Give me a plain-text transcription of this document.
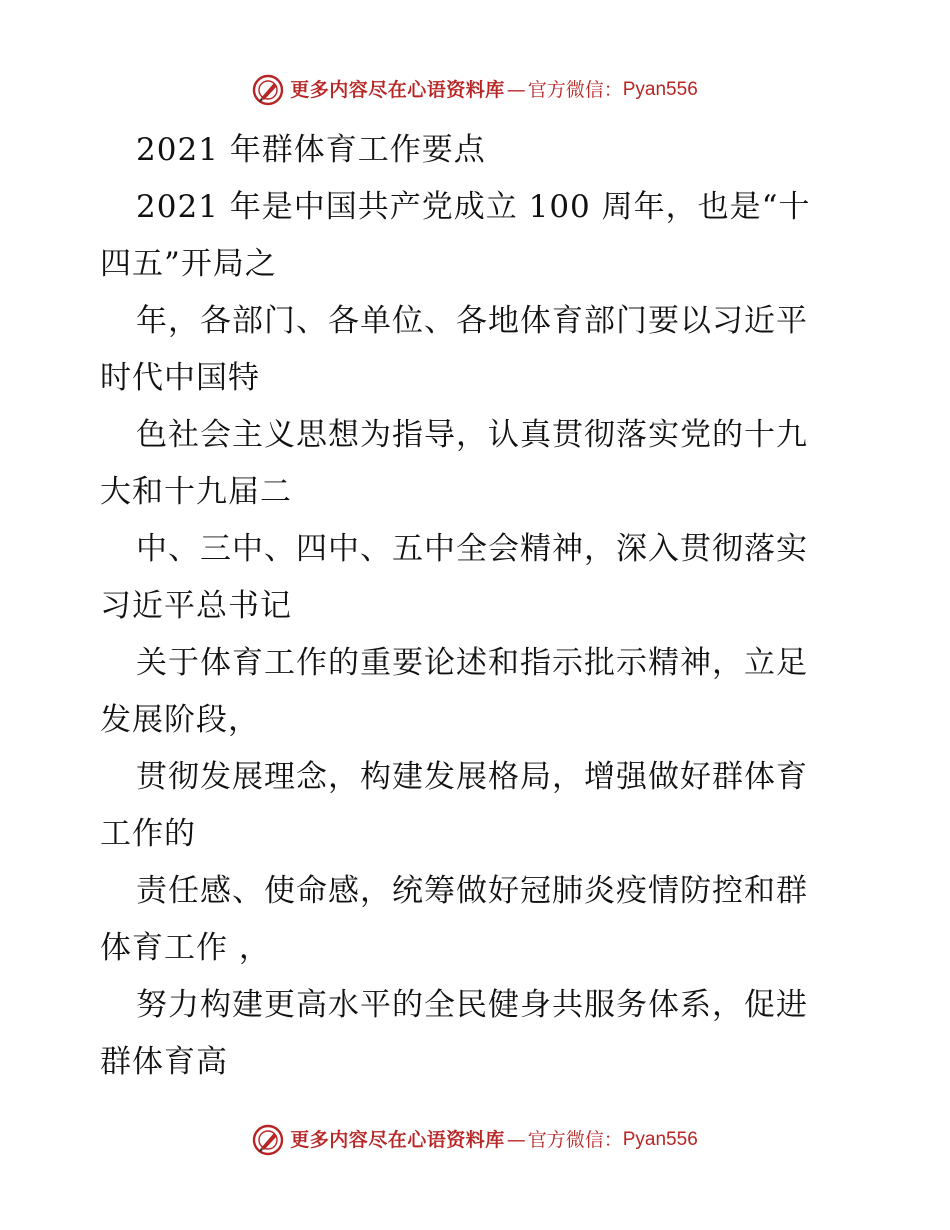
更多内容尽在心语资料库 — 官方微信： Pyan556
2021 年群体育工作要点
2021 年是中国共产党成立 100 周年，也是“十
四五”开局之
年，各部门、各单位、各地体育部门要以习近平
时代中国特
色社会主义思想为指导，认真贯彻落实党的十九
大和十九届二
中、三中、四中、五中全会精神，深入贯彻落实
习近平总书记
关于体育工作的重要论述和指示批示精神，立足
发展阶段，
贯彻发展理念，构建发展格局，增强做好群体育
工作的
责任感、使命感，统筹做好冠肺炎疫情防控和群
体育工作 ，
努力构建更高水平的全民健身共服务体系，促进
群体育高
更多内容尽在心语资料库 — 官方微信： Pyan556
